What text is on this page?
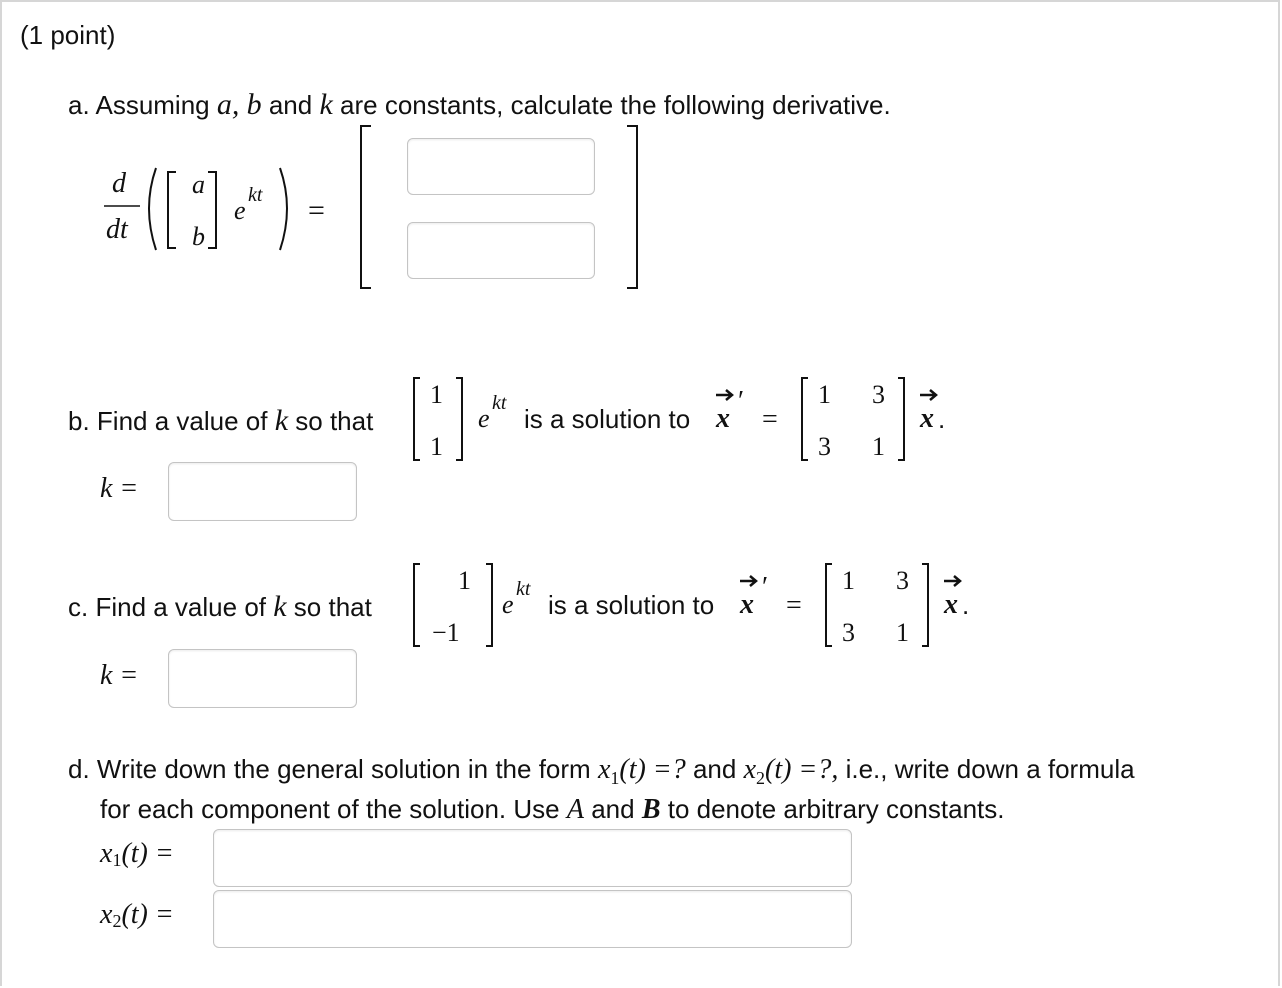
(1 point)
a. Assuming a, b and k are constants, calculate the following derivative.
d
dt
a
b
e
kt =
b. Find a value of k so that
1
1
e
kt
is a solution to x
′
=
1 3
3 1
x .
k =
c. Find a value of k so that
1
−1
e
kt
is a solution to x
′
=
1 3
3 1
x .
k =
d. Write down the general solution in the form $x_1(t)$ =? and $x_2(t)$ =?, i.e., write down a formula
for each component of the solution. Use A and B to denote arbitrary constants.
$x_1(t)$ =
$x_2(t)$ =
